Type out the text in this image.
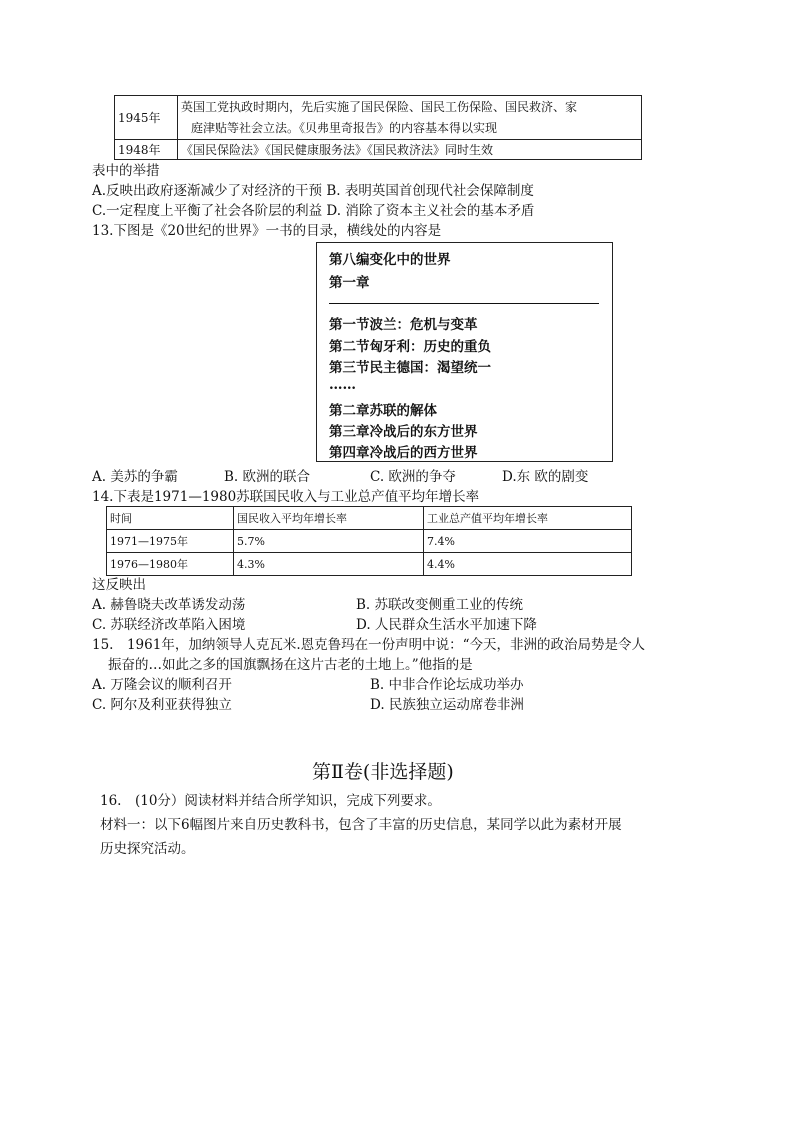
1945年	英国工党执政时期内，先后实施了国民保险、国民工伤保险、国民救济、家
庭津贴等社会立法。《贝弗里奇报告》的内容基本得以实现

1948年	《国民保险法》《国民健康服务法》《国民救济法》同时生效
表中的举措
A.反映出政府逐渐减少了对经济的干预 B. 表明英国首创现代社会保障制度
C.一定程度上平衡了社会各阶层的利益 D. 消除了资本主义社会的基本矛盾
13.下图是《20世纪的世界》一书的目录，横线处的内容是
第八编变化中的世界
第一章
第一节波兰：危机与变革
第二节匈牙利：历史的重负
第三节民主德国：渴望统一
……
第二章苏联的解体
第三章冷战后的东方世界
第四章冷战后的西方世界
A. 美苏的争霸	B. 欧洲的联合	C. 欧洲的争夺	D.东 欧的剧变
14.下表是1971—1980苏联国民收入与工业总产值平均年增长率
时间	国民收入平均年增长率	工业总产值平均年增长率
1971—1975年	5.7%	7.4%
1976—1980年	4.3%	4.4%
这反映出
A. 赫鲁晓夫改革诱发动荡	B. 苏联改变侧重工业的传统
C. 苏联经济改革陷入困境	D. 人民群众生活水平加速下降
15.　1961年，加纳领导人克瓦米.恩克鲁玛在一份声明中说：“今天，非洲的政治局势是令人
振奋的…如此之多的国旗飘扬在这片古老的土地上。”他指的是
A. 万隆会议的顺利召开	B. 中非合作论坛成功举办
C. 阿尔及利亚获得独立	D. 民族独立运动席卷非洲
第Ⅱ卷(非选择题)
16.　(10分）阅读材料并结合所学知识，完成下列要求。
材料一：以下6幅图片来自历史教科书，包含了丰富的历史信息，某同学以此为素材开展
历史探究活动。
